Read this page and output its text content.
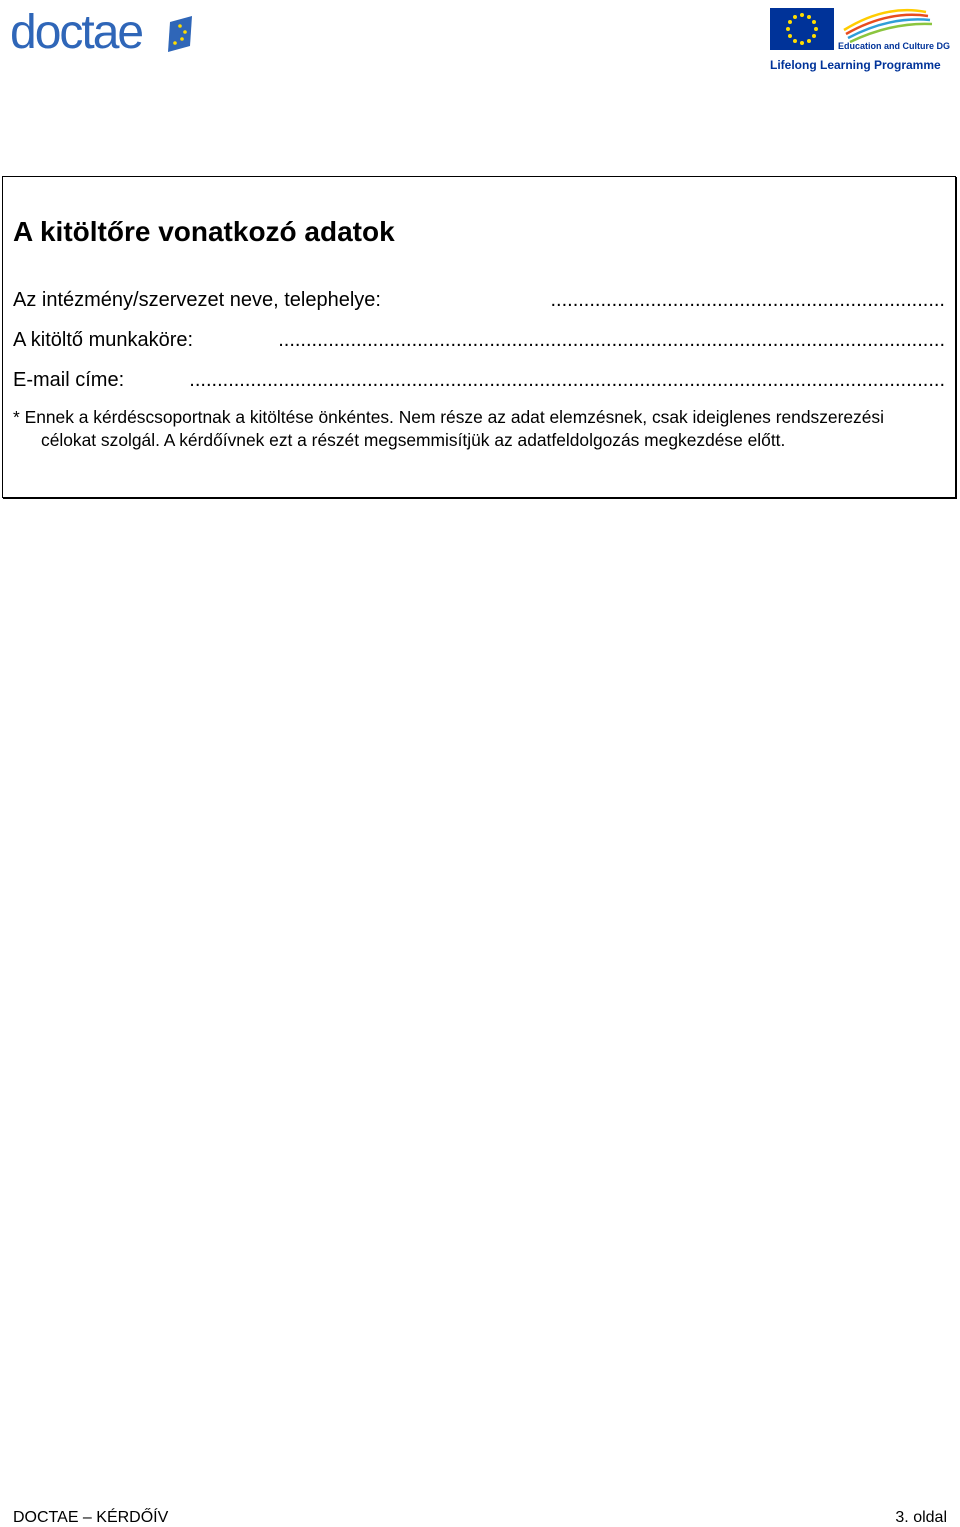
doctae	Education and Culture DG
Lifelong Learning Programme
A kitöltőre vonatkozó adatok
Az intézmény/szervezet neve, telephelye:	.......................................................................
A kitöltő munkaköre:	........................................................................................................................
E-mail címe:	........................................................................................................................................

* Ennek a kérdéscsoportnak a kitöltése önkéntes. Nem része az adat elemzésnek, csak ideiglenes rendszerezési célokat szolgál. A kérdőívnek ezt a részét megsemmisítjük az adatfeldolgozás megkezdése előtt.

DOCTAE – KÉRDŐÍV	3. oldal
